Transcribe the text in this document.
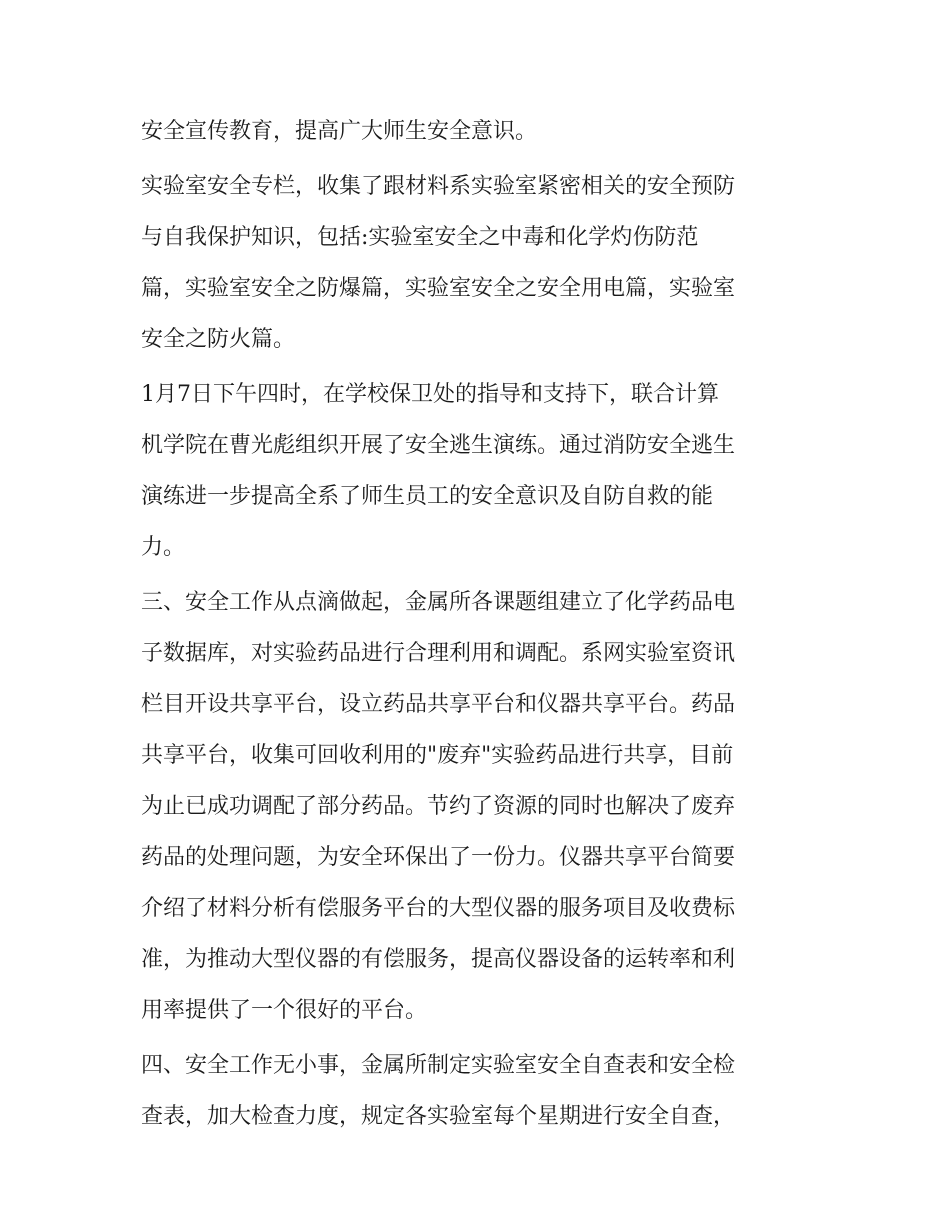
安全宣传教育，提高广大师生安全意识。
实验室安全专栏，收集了跟材料系实验室紧密相关的安全预防
与自我保护知识，包括:实验室安全之中毒和化学灼伤防范
篇，实验室安全之防爆篇，实验室安全之安全用电篇，实验室
安全之防火篇。
1月7日下午四时，在学校保卫处的指导和支持下，联合计算
机学院在曹光彪组织开展了安全逃生演练。通过消防安全逃生
演练进一步提高全系了师生员工的安全意识及自防自救的能
力。
三、安全工作从点滴做起，金属所各课题组建立了化学药品电
子数据库，对实验药品进行合理利用和调配。系网实验室资讯
栏目开设共享平台，设立药品共享平台和仪器共享平台。药品
共享平台，收集可回收利用的"废弃"实验药品进行共享，目前
为止已成功调配了部分药品。节约了资源的同时也解决了废弃
药品的处理问题，为安全环保出了一份力。仪器共享平台简要
介绍了材料分析有偿服务平台的大型仪器的服务项目及收费标
准，为推动大型仪器的有偿服务，提高仪器设备的运转率和利
用率提供了一个很好的平台。
四、安全工作无小事，金属所制定实验室安全自查表和安全检
查表，加大检查力度，规定各实验室每个星期进行安全自查，
